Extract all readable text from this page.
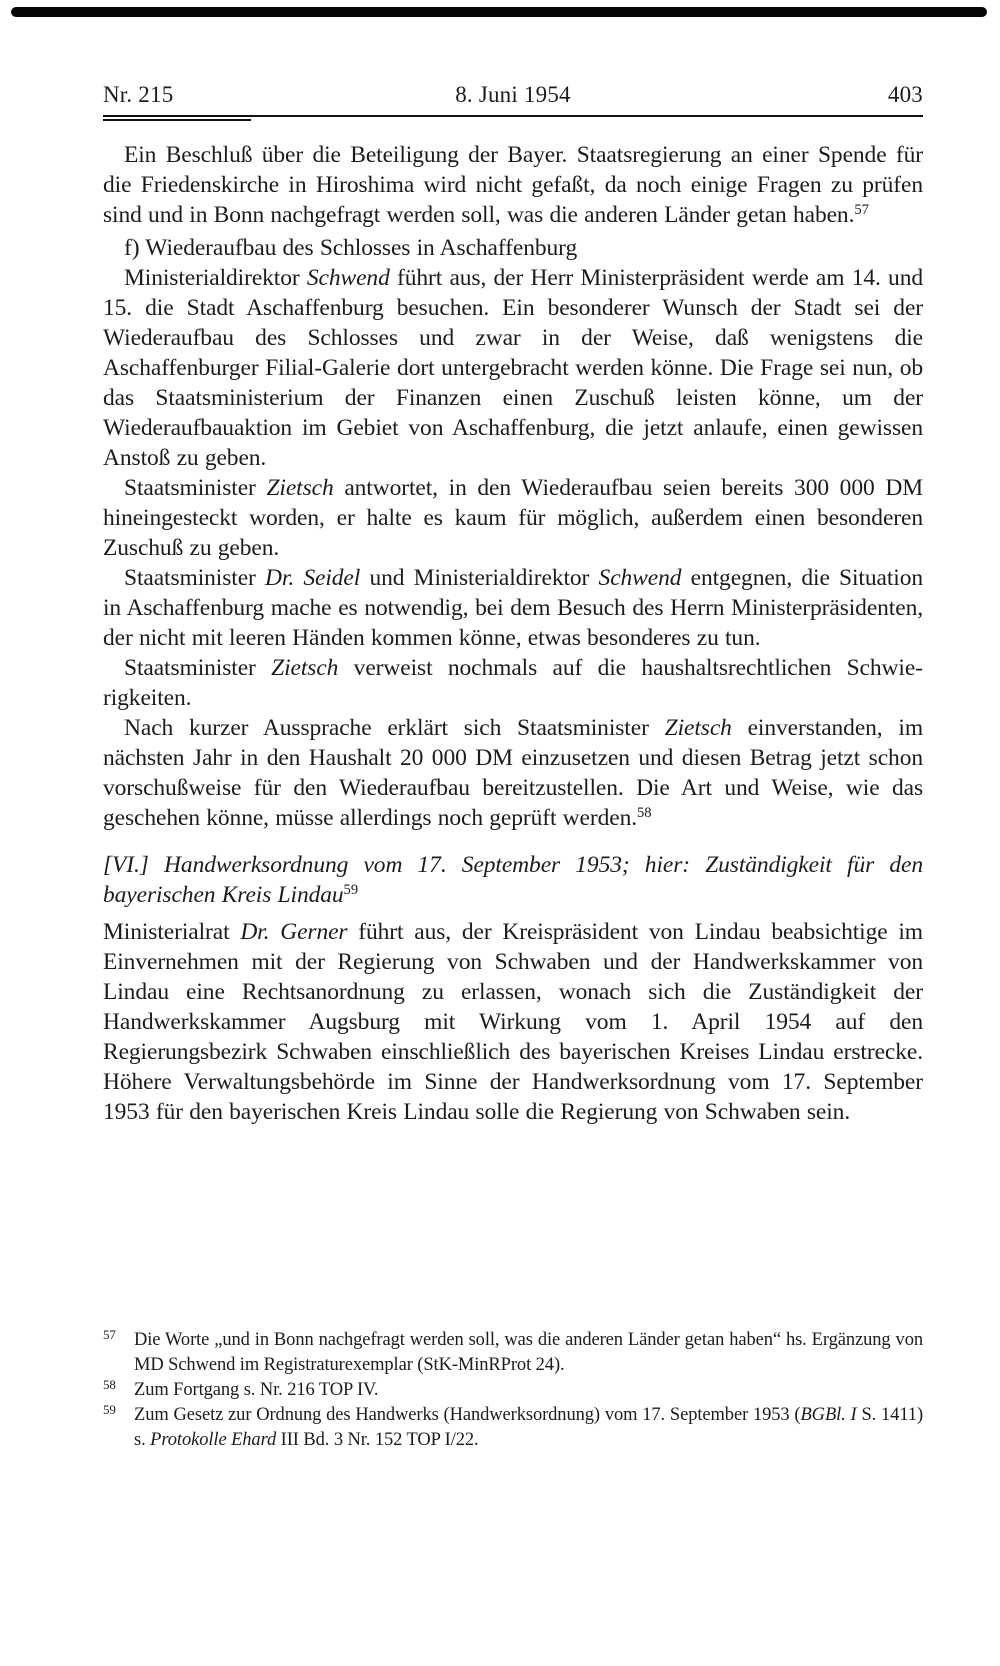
Nr. 215	8. Juni 1954	403

Ein Beschluß über die Beteiligung der Bayer. Staatsregierung an einer Spende für die Friedenskirche in Hiroshima wird nicht gefaßt, da noch einige Fragen zu prüfen sind und in Bonn nachgefragt werden soll, was die anderen Länder getan haben.$^{57}$

f) Wiederaufbau des Schlosses in Aschaffenburg

Ministerialdirektor Schwend führt aus, der Herr Ministerpräsident werde am 14. und 15. die Stadt Aschaffenburg besuchen. Ein besonderer Wunsch der Stadt sei der Wiederaufbau des Schlosses und zwar in der Weise, daß wenigstens die Aschaffenburger Filial-Galerie dort untergebracht werden könne. Die Frage sei nun, ob das Staatsministerium der Finanzen einen Zuschuß leisten könne, um der Wiederaufbauaktion im Gebiet von Aschaffenburg, die jetzt anlaufe, einen gewissen Anstoß zu geben.

Staatsminister Zietsch antwortet, in den Wiederaufbau seien bereits 300 000 DM hineingesteckt worden, er halte es kaum für möglich, außerdem einen besonderen Zuschuß zu geben.

Staatsminister Dr. Seidel und Ministerialdirektor Schwend entgegnen, die Situation in Aschaffenburg mache es notwendig, bei dem Besuch des Herrn Ministerpräsidenten, der nicht mit leeren Händen kommen könne, etwas besonderes zu tun.

Staatsminister Zietsch verweist nochmals auf die haushaltsrechtlichen Schwierigkeiten.

Nach kurzer Aussprache erklärt sich Staatsminister Zietsch einverstanden, im nächsten Jahr in den Haushalt 20 000 DM einzusetzen und diesen Betrag jetzt schon vorschußweise für den Wiederaufbau bereitzustellen. Die Art und Weise, wie das geschehen könne, müsse allerdings noch geprüft werden.$^{58}$

[VI.] Handwerksordnung vom 17. September 1953; hier: Zuständigkeit für den bayerischen Kreis Lindau$^{59}$

Ministerialrat Dr. Gerner führt aus, der Kreispräsident von Lindau beabsichtige im Einvernehmen mit der Regierung von Schwaben und der Handwerkskammer von Lindau eine Rechtsanordnung zu erlassen, wonach sich die Zuständigkeit der Handwerkskammer Augsburg mit Wirkung vom 1. April 1954 auf den Regierungsbezirk Schwaben einschließlich des bayerischen Kreises Lindau erstrecke. Höhere Verwaltungsbehörde im Sinne der Handwerksordnung vom 17. September 1953 für den bayerischen Kreis Lindau solle die Regierung von Schwaben sein.

57 Die Worte „und in Bonn nachgefragt werden soll, was die anderen Länder getan haben“ hs. Ergänzung von MD Schwend im Registraturexemplar (StK-MinRProt 24).

58 Zum Fortgang s. Nr. 216 TOP IV.

59 Zum Gesetz zur Ordnung des Handwerks (Handwerksordnung) vom 17. September 1953 (BGBl. I S. 1411) s. Protokolle Ehard III Bd. 3 Nr. 152 TOP I/22.
